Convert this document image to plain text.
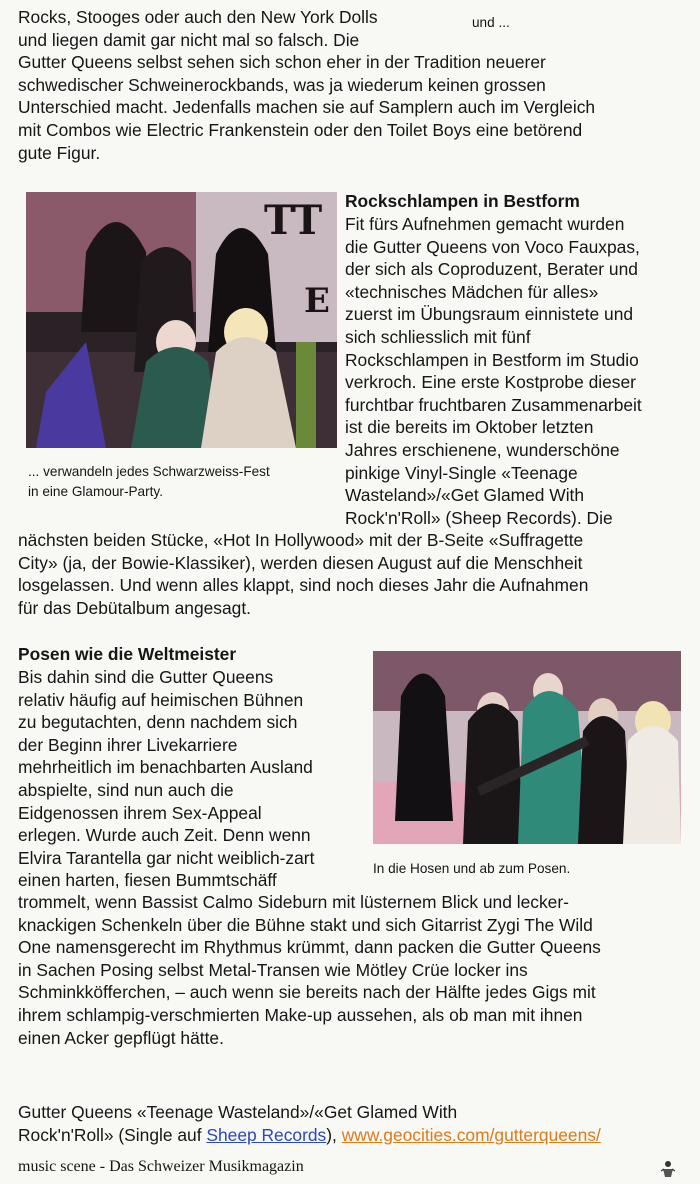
Rocks, Stooges oder auch den New York Dolls
und liegen damit gar nicht mal so falsch. Die
Gutter Queens selbst sehen sich schon eher in der Tradition neuerer
schwedischer Schweinerockbands, was ja wiederum keinen grossen
Unterschied macht. Jedenfalls machen sie auf Samplern auch im Vergleich
mit Combos wie Electric Frankenstein oder den Toilet Boys eine betörend
gute Figur.
und ...
TT
E
... verwandeln jedes Schwarzweiss-Fest
in eine Glamour-Party.
Rockschlampen in Bestform
Fit fürs Aufnehmen gemacht wurden
die Gutter Queens von Voco Fauxpas,
der sich als Coproduzent, Berater und
«technisches Mädchen für alles»
zuerst im Übungsraum einnistete und
sich schliesslich mit fünf
Rockschlampen in Bestform im Studio
verkroch. Eine erste Kostprobe dieser
furchtbar fruchtbaren Zusammenarbeit
ist die bereits im Oktober letzten
Jahres erschienene, wunderschöne
pinkige Vinyl-Single «Teenage
Wasteland»/«Get Glamed With
Rock'n'Roll» (Sheep Records). Die
nächsten beiden Stücke, «Hot In Hollywood» mit der B-Seite «Suffragette
City» (ja, der Bowie-Klassiker), werden diesen August auf die Menschheit
losgelassen. Und wenn alles klappt, sind noch dieses Jahr die Aufnahmen
für das Debütalbum angesagt.
Posen wie die Weltmeister
Bis dahin sind die Gutter Queens
relativ häufig auf heimischen Bühnen
zu begutachten, denn nachdem sich
der Beginn ihrer Livekarriere
mehrheitlich im benachbarten Ausland
abspielte, sind nun auch die
Eidgenossen ihrem Sex-Appeal
erlegen. Wurde auch Zeit. Denn wenn
Elvira Tarantella gar nicht weiblich-zart
einen harten, fiesen Bummtschäff
In die Hosen und ab zum Posen.
trommelt, wenn Bassist Calmo Sideburn mit lüsternem Blick und lecker-
knackigen Schenkeln über die Bühne stakt und sich Gitarrist Zygi The Wild
One namensgerecht im Rhythmus krümmt, dann packen die Gutter Queens
in Sachen Posing selbst Metal-Transen wie Mötley Crüe locker ins
Schminkköfferchen, – auch wenn sie bereits nach der Hälfte jedes Gigs mit
ihrem schlampig-verschmierten Make-up aussehen, als ob man mit ihnen
einen Acker gepflügt hätte.
Gutter Queens «Teenage Wasteland»/«Get Glamed With
Rock'n'Roll» (Single auf Sheep Records), www.geocities.com/gutterqueens/
music scene - Das Schweizer Musikmagazin
